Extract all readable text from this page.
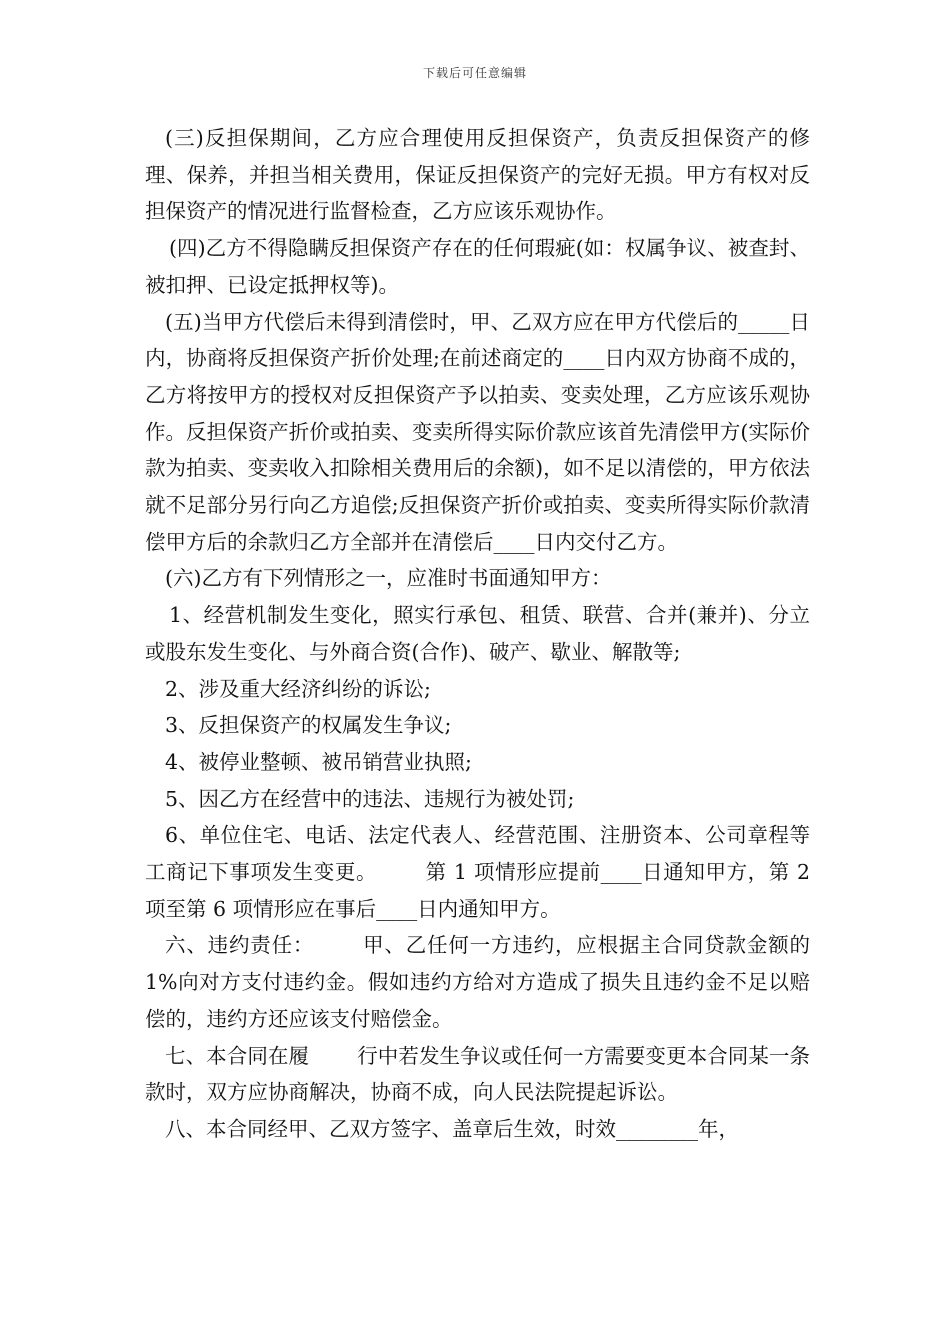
下载后可任意编辑

(三)反担保期间，乙方应合理使用反担保资产，负责反担保资产的修理、保养，并担当相关费用，保证反担保资产的完好无损。甲方有权对反担保资产的情况进行监督检查，乙方应该乐观协作。

(四)乙方不得隐瞒反担保资产存在的任何瑕疵(如：权属争议、被查封、被扣押、已设定抵押权等)。

(五)当甲方代偿后未得到清偿时，甲、乙双方应在甲方代偿后的_____日内，协商将反担保资产折价处理;在前述商定的____日内双方协商不成的，乙方将按甲方的授权对反担保资产予以拍卖、变卖处理，乙方应该乐观协作。反担保资产折价或拍卖、变卖所得实际价款应该首先清偿甲方(实际价款为拍卖、变卖收入扣除相关费用后的余额)，如不足以清偿的，甲方依法就不足部分另行向乙方追偿;反担保资产折价或拍卖、变卖所得实际价款清偿甲方后的余款归乙方全部并在清偿后____日内交付乙方。

(六)乙方有下列情形之一，应准时书面通知甲方：

1、经营机制发生变化，照实行承包、租赁、联营、合并(兼并)、分立或股东发生变化、与外商合资(合作)、破产、歇业、解散等;

2、涉及重大经济纠纷的诉讼;

3、反担保资产的权属发生争议;

4、被停业整顿、被吊销营业执照;

5、因乙方在经营中的违法、违规行为被处罚;

6、单位住宅、电话、法定代表人、经营范围、注册资本、公司章程等工商记下事项发生变更。 第 1 项情形应提前____日通知甲方，第 2 项至第 6 项情形应在事后____日内通知甲方。

六、违约责任： 甲、乙任何一方违约，应根据主合同贷款金额的 1%向对方支付违约金。假如违约方给对方造成了损失且违约金不足以赔偿的，违约方还应该支付赔偿金。

七、本合同在履 行中若发生争议或任何一方需要变更本合同某一条款时，双方应协商解决，协商不成，向人民法院提起诉讼。

八、本合同经甲、乙双方签字、盖章后生效，时效________年，
